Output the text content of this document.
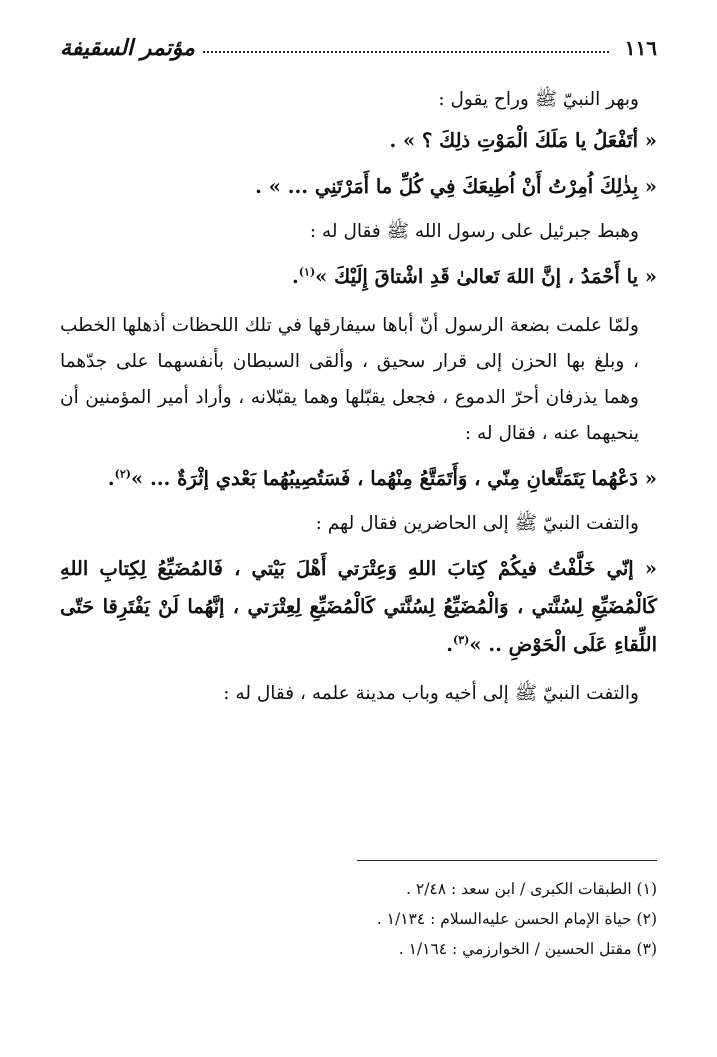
١١٦
مؤتمر السقيفة

وبهر النبيّ ﷺ وراح يقول :

« أتَفْعَلُ يا مَلَكَ الْمَوْتِ ذلِكَ ؟ » .

« بِذٰلِكَ اُمِرْتُ أَنْ اُطِيعَكَ فِي كُلِّ ما أَمَرْتَنِي ... » .

وهبط جبرئيل على رسول الله ﷺ فقال له :

« يا أَحْمَدُ ، إنَّ اللهَ تَعالىٰ قَدِ اشْتاقَ إِلَيْكَ »$^{(١)}$.

ولمّا علمت بضعة الرسول أنّ أباها سيفارقها في تلك اللحظات أذهلها الخطب ، وبلغ بها الحزن إلى قرار سحيق ، وألقى السبطان بأنفسهما على جدّهما وهما يذرفان أحرّ الدموع ، فجعل يقبّلها وهما يقبّلانه ، وأراد أمير المؤمنين أن ينحيهما عنه ، فقال له :

« دَعْهُما يَتَمَتَّعانِ مِنّي ، وَأَتَمَتَّعُ مِنْهُما ، فَسَتُصِيبُهُما بَعْدي إثْرَةٌ ... »$^{(٢)}$.

والتفت النبيّ ﷺ إلى الحاضرين فقال لهم :

« إنّي خَلَّفْتُ فيكُمْ كِتابَ اللهِ وَعِتْرَتي أَهْلَ بَيْتي ، فَالمُضَيِّعُ لِكِتابِ اللهِ كَالْمُضَيِّعِ لِسُنَّتي ، وَالْمُضَيِّعُ لِسُنَّتي كَالْمُضَيِّعِ لِعِتْرَتي ، إنَّهُما لَنْ يَفْتَرِقا حَتّى اللِّقاءِ عَلَى الْحَوْضِ .. »$^{(٣)}$.

والتفت النبيّ ﷺ إلى أخيه وباب مدينة علمه ، فقال له :

(١) الطبقات الكبرى / ابن سعد : ٢/٤٨ .

(٢) حياة الإمام الحسن عليه‌السلام : ١/١٣٤ .

(٣) مقتل الحسين / الخوارزمي : ١/١٦٤ .
